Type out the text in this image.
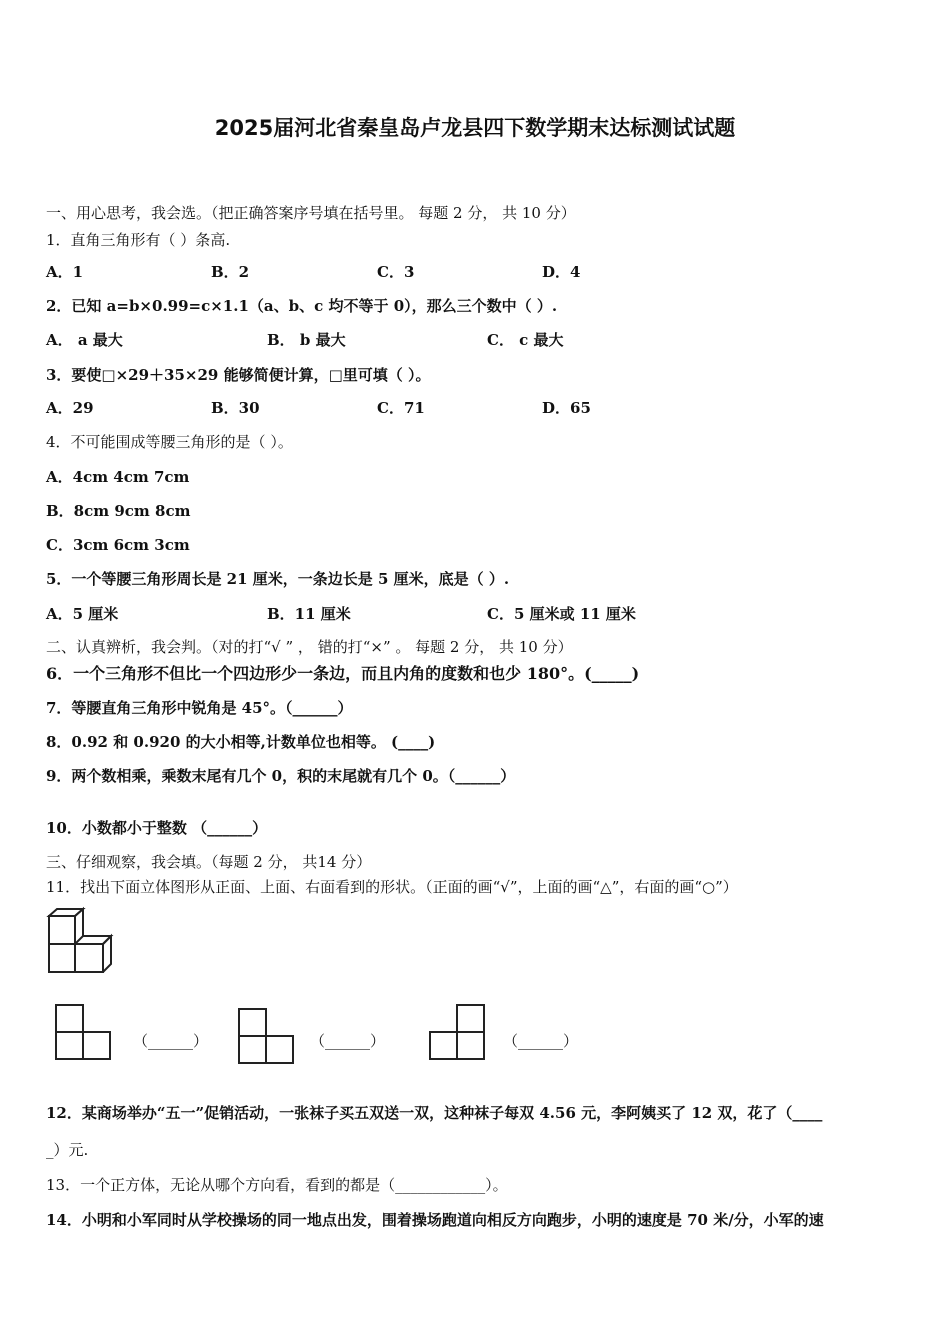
2025届河北省秦皇岛卢龙县四下数学期末达标测试试题
一、用心思考，我会选。（把正确答案序号填在括号里。 每题 2 分， 共 10 分）
1．直角三角形有（ ）条高.
A．1	B．2	C．3	D．4
2．已知 a=b×0.99=c×1.1（a、b、c 均不等于 0），那么三个数中（ ）.
A． a 最大	B． b 最大	C． c 最大
3．要使□×29＋35×29 能够简便计算，□里可填（ ）。
A．29	B．30	C．71	D．65
4．不可能围成等腰三角形的是（ ）。
A．4cm 4cm 7cm
B．8cm 9cm 8cm
C．3cm 6cm 3cm
5．一个等腰三角形周长是 21 厘米，一条边长是 5 厘米，底是（ ）.
A．5 厘米	B．11 厘米	C．5 厘米或 11 厘米
二、认真辨析，我会判。（对的打“√ ” ， 错的打“×” 。 每题 2 分， 共 10 分）
6．一个三角形不但比一个四边形少一条边，而且内角的度数和也少 180°。(_____)
7．等腰直角三角形中锐角是 45°。（______）
8．0.92 和 0.920 的大小相等,计数单位也相等。 (____)
9．两个数相乘，乘数末尾有几个 0，积的末尾就有几个 0。（______）
10．小数都小于整数 （______）
三、仔细观察，我会填。（每题 2 分， 共14 分）
11．找出下面立体图形从正面、上面、右面看到的形状。（正面的画“√”，上面的画“△”，右面的画“○”）
（______）	（______）	（______）
12．某商场举办“五一”促销活动，一张袜子买五双送一双，这种袜子每双 4.56 元，李阿姨买了 12 双，花了（____
_）元.
13．一个正方体，无论从哪个方向看，看到的都是（____________）。
14．小明和小军同时从学校操场的同一地点出发，围着操场跑道向相反方向跑步，小明的速度是 70 米/分，小军的速
